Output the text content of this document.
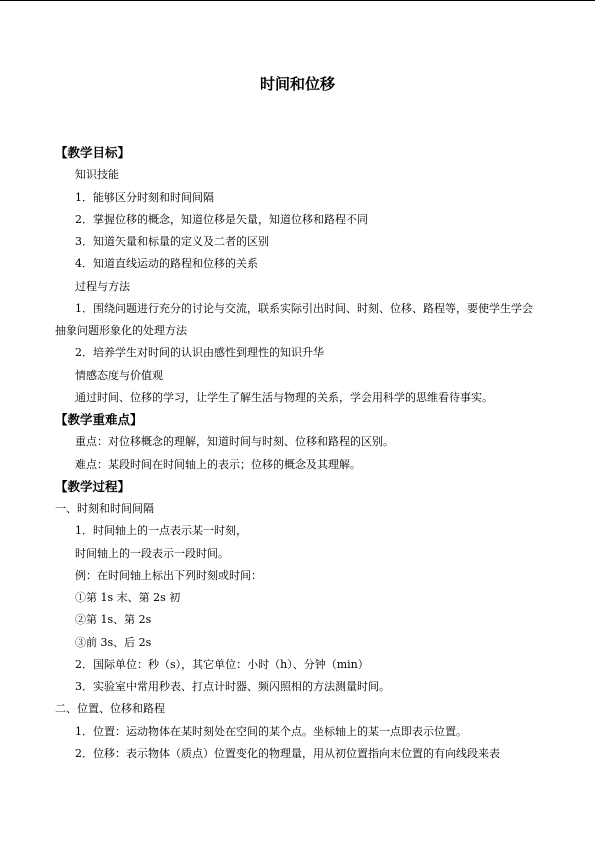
时间和位移
【教学目标】
知识技能
1．能够区分时刻和时间间隔
2．掌握位移的概念，知道位移是矢量，知道位移和路程不同
3．知道矢量和标量的定义及二者的区别
4．知道直线运动的路程和位移的关系
过程与方法
1．围绕问题进行充分的讨论与交流，联系实际引出时间、时刻、位移、路程等，要使学生学会抽象问题形象化的处理方法
2．培养学生对时间的认识由感性到理性的知识升华
情感态度与价值观
通过时间、位移的学习，让学生了解生活与物理的关系，学会用科学的思维看待事实。
【教学重难点】
重点：对位移概念的理解，知道时间与时刻、位移和路程的区别。
难点：某段时间在时间轴上的表示；位移的概念及其理解。
【教学过程】
一、时刻和时间间隔
1．时间轴上的一点表示某一时刻，
时间轴上的一段表示一段时间。
例：在时间轴上标出下列时刻或时间：
①第 1s 末、第 2s 初
②第 1s、第 2s
③前 3s、后 2s
2．国际单位：秒（s），其它单位：小时（h）、分钟（min）
3．实验室中常用秒表、打点计时器、频闪照相的方法测量时间。
二、位置、位移和路程
1．位置：运动物体在某时刻处在空间的某个点。坐标轴上的某一点即表示位置。
2．位移：表示物体（质点）位置变化的物理量，用从初位置指向末位置的有向线段来表
